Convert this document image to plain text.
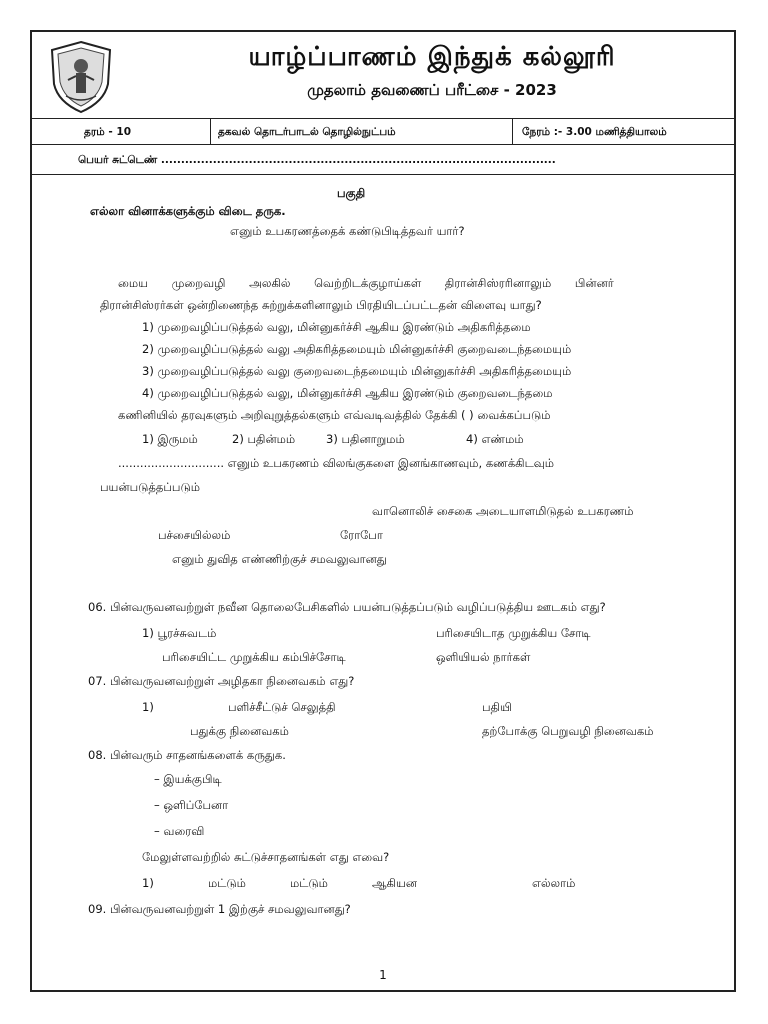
யாழ்ப்பாணம் இந்துக் கல்லூரி
முதலாம் தவணைப் பரீட்சை - 2023
தரம் - 10	தகவல் தொடர்பாடல் தொழில்நுட்பம்	நேரம் :- 3.00 மணித்தியாலம்
பெயர் சுட்டெண் ...................................................................................................
பகுதி
எல்லா வினாக்களுக்கும் விடை தருக.
எனும் உபகரணத்தைக் கண்டுபிடித்தவர் யார்?
மைய முறைவழி அலகில் வெற்றிடக்குழாய்கள் திரான்சிஸ்ரரினாலும் பின்னர்
திரான்சிஸ்ரர்கள் ஒன்றிணைந்த சுற்றுக்களினாலும் பிரதியிடப்பட்டதன் விளைவு யாது?
1) முறைவழிப்படுத்தல் வலு, மின்னுகர்ச்சி ஆகிய இரண்டும் அதிகரித்தமை
2) முறைவழிப்படுத்தல் வலு அதிகரித்தமையும் மின்னுகர்ச்சி குறைவடைந்தமையும்
3) முறைவழிப்படுத்தல் வலு குறைவடைந்தமையும் மின்னுகர்ச்சி அதிகரித்தமையும்
4) முறைவழிப்படுத்தல் வலு, மின்னுகர்ச்சி ஆகிய இரண்டும் குறைவடைந்தமை
கணினியில் தரவுகளும் அறிவுறுத்தல்களும் எவ்வடிவத்தில் தேக்கி ( ) வைக்கப்படும்
1) இருமம்	2) பதின்மம்	3) பதினாறுமம்	4) எண்மம்
............................. எனும் உபகரணம் விலங்குகளை இனங்காணவும், கணக்கிடவும்
பயன்படுத்தப்படும்
வானொலிச் சைகை அடையாளமிடுதல் உபகரணம்
பச்சையில்லம்	ரோபோ
எனும் துவித எண்ணிற்குச் சமவலுவானது
06. பின்வருவனவற்றுள் நவீன தொலைபேசிகளில் பயன்படுத்தப்படும் வழிப்படுத்திய ஊடகம் எது?
1) பூரச்சுவடம்	பரிசையிடாத முறுக்கிய சோடி
பரிசையிட்ட முறுக்கிய கம்பிச்சோடி	ஒளியியல் நார்கள்
07. பின்வருவனவற்றுள் அழிதகா நினைவகம் எது?
1)	பளிச்சீட்டுச் செலுத்தி	பதியி
பதுக்கு நினைவகம்	தற்போக்கு பெறுவழி நினைவகம்
08. பின்வரும் சாதனங்களைக் கருதுக.
– இயக்குபிடி
– ஒளிப்பேனா
– வரைவி
மேலுள்ளவற்றில் சுட்டுச்சாதனங்கள் எது எவை?
1)	மட்டும்	மட்டும்	ஆகியன	எல்லாம்
09. பின்வருவனவற்றுள் 1 இற்குச் சமவலுவானது?
1
